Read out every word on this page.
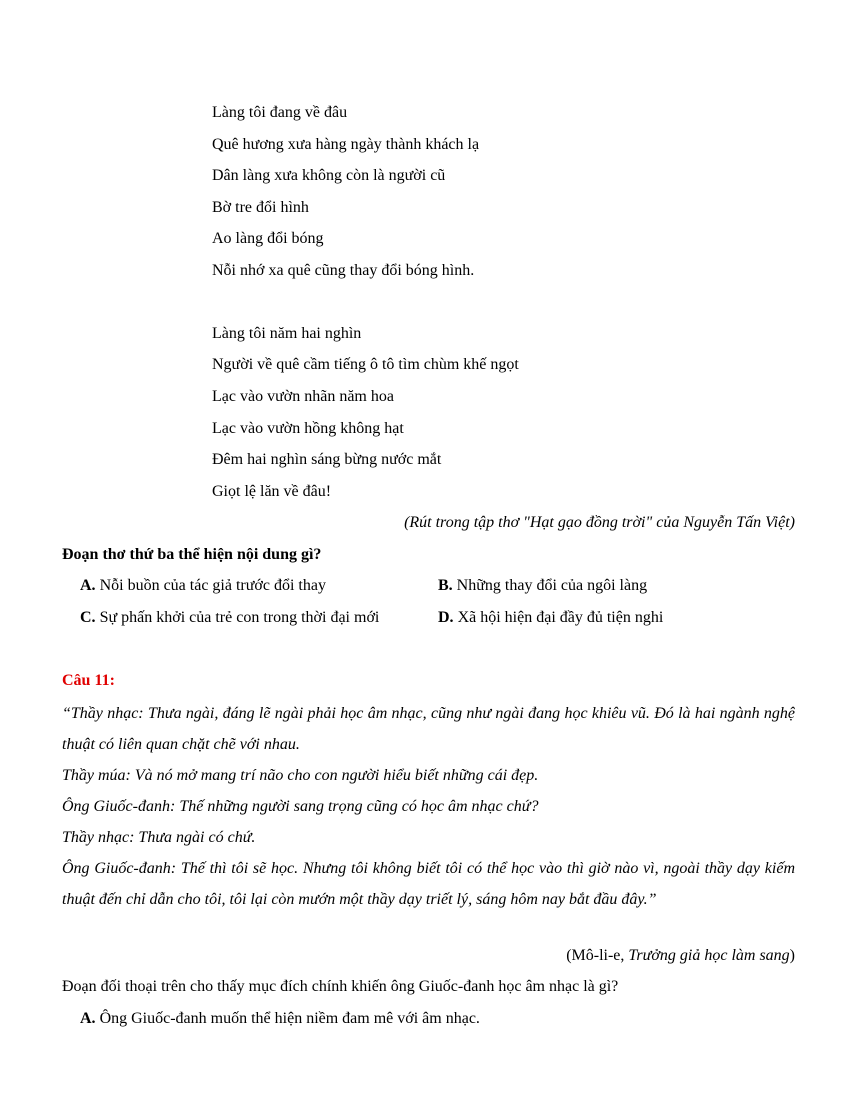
Làng tôi đang về đâu
Quê hương xưa hàng ngày thành khách lạ
Dân làng xưa không còn là người cũ
Bờ tre đổi hình
Ao làng đổi bóng
Nỗi nhớ xa quê cũng thay đổi bóng hình.
Làng tôi năm hai nghìn
Người về quê cầm tiếng ô tô tìm chùm khế ngọt
Lạc vào vườn nhãn năm hoa
Lạc vào vườn hồng không hạt
Đêm hai nghìn sáng bừng nước mắt
Giọt lệ lăn về đâu!
(Rút trong tập thơ "Hạt gạo đồng trời" của Nguyễn Tấn Việt)
Đoạn thơ thứ ba thể hiện nội dung gì?
A. Nỗi buồn của tác giả trước đổi thay	B. Những thay đổi của ngôi làng
C. Sự phấn khởi của trẻ con trong thời đại mới	D. Xã hội hiện đại đầy đủ tiện nghi
Câu 11:

“Thầy nhạc: Thưa ngài, đáng lẽ ngài phải học âm nhạc, cũng như ngài đang học khiêu vũ. Đó là hai ngành nghệ thuật có liên quan chặt chẽ với nhau.

Thầy múa: Và nó mở mang trí não cho con người hiểu biết những cái đẹp.

Ông Giuốc-đanh: Thế những người sang trọng cũng có học âm nhạc chứ?

Thầy nhạc: Thưa ngài có chứ.

Ông Giuốc-đanh: Thế thì tôi sẽ học. Nhưng tôi không biết tôi có thể học vào thì giờ nào vì, ngoài thầy dạy kiếm thuật đến chỉ dẫn cho tôi, tôi lại còn mướn một thầy dạy triết lý, sáng hôm nay bắt đầu đây.”

(Mô-li-e, Trưởng giả học làm sang)
Đoạn đối thoại trên cho thấy mục đích chính khiến ông Giuốc-đanh học âm nhạc là gì?
A. Ông Giuốc-đanh muốn thể hiện niềm đam mê với âm nhạc.
